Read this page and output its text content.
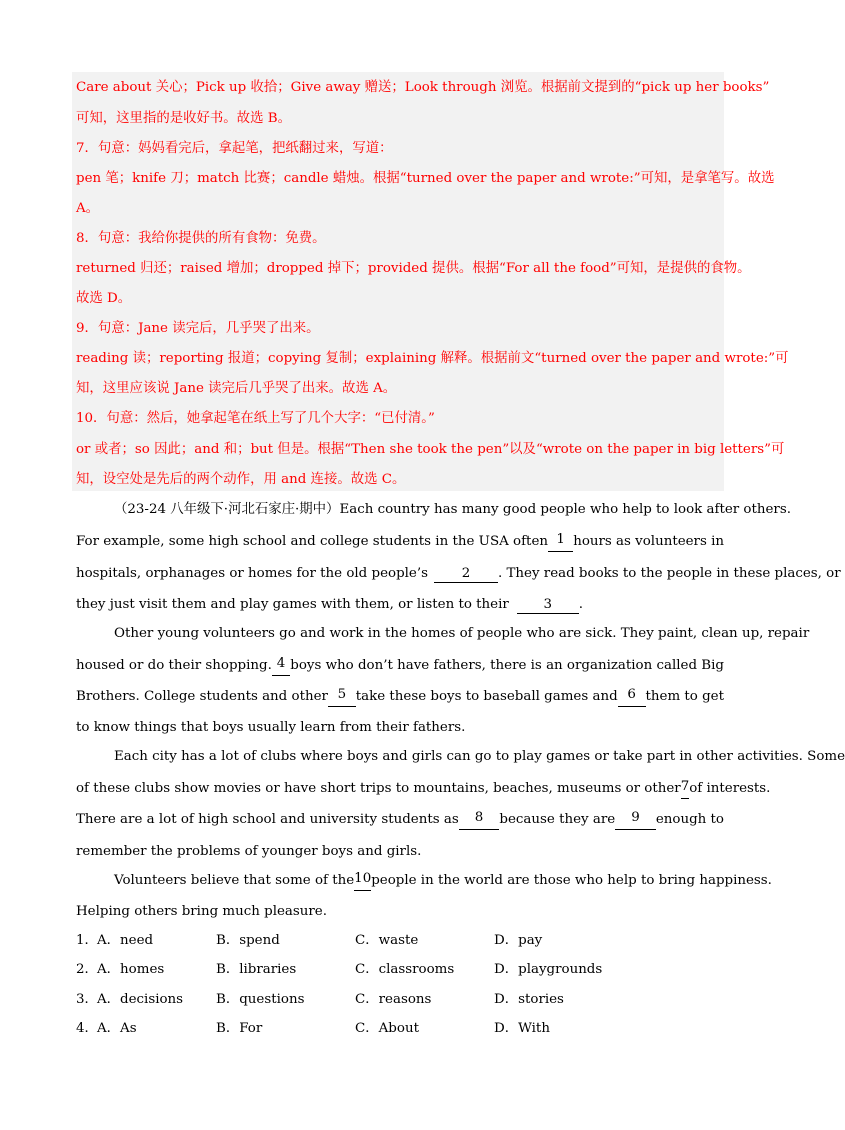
Care about 关心；Pick up 收拾；Give away 赠送；Look through 浏览。根据前文提到的“pick up her books”
可知，这里指的是收好书。故选 B。
7．句意：妈妈看完后，拿起笔，把纸翻过来，写道：
pen 笔；knife 刀；match 比赛；candle 蜡烛。根据“turned over the paper and wrote:”可知，是拿笔写。故选
A。
8．句意：我给你提供的所有食物：免费。
returned 归还；raised 增加；dropped 掉下；provided 提供。根据“For all the food”可知，是提供的食物。
故选 D。
9．句意：Jane 读完后，几乎哭了出来。
reading 读；reporting 报道；copying 复制；explaining 解释。根据前文“turned over the paper and wrote:”可
知，这里应该说 Jane 读完后几乎哭了出来。故选 A。
10．句意：然后，她拿起笔在纸上写了几个大字：“已付清。”
or 或者；so 因此；and 和；but 但是。根据“Then she took the pen”以及“wrote on the paper in big letters”可
知，设空处是先后的两个动作，用 and 连接。故选 C。
（23-24 八年级下·河北石家庄·期中）Each country has many good people who help to look after others.
For example, some high school and college students in the USA often 1 hours as volunteers in
hospitals, orphanages or homes for the old people’s	2	. They read books to the people in these places, or
they just visit them and play games with them, or listen to their	3 .
Other young volunteers go and work in the homes of people who are sick. They paint, clean up, repair
housed or do their shopping. 4 boys who don’t have fathers, there is an organization called Big
Brothers. College students and other 5 take these boys to baseball games and 6 them to get
to know things that boys usually learn from their fathers.
Each city has a lot of clubs where boys and girls can go to play games or take part in other activities. Some
of these clubs show movies or have short trips to mountains, beaches, museums or other 7 of interests.
There are a lot of high school and university students as	8	because they are	9	enough to
remember the problems of younger boys and girls.
Volunteers believe that some of the 10 people in the world are those who help to bring happiness.
Helping others bring much pleasure.
1． A．need	B．spend	C．waste	D．pay
2． A．homes	B．libraries	C．classrooms	D．playgrounds
3． A．decisions B．questions	C．reasons	D．stories
4． A．As	B．For	C．About	D．With
